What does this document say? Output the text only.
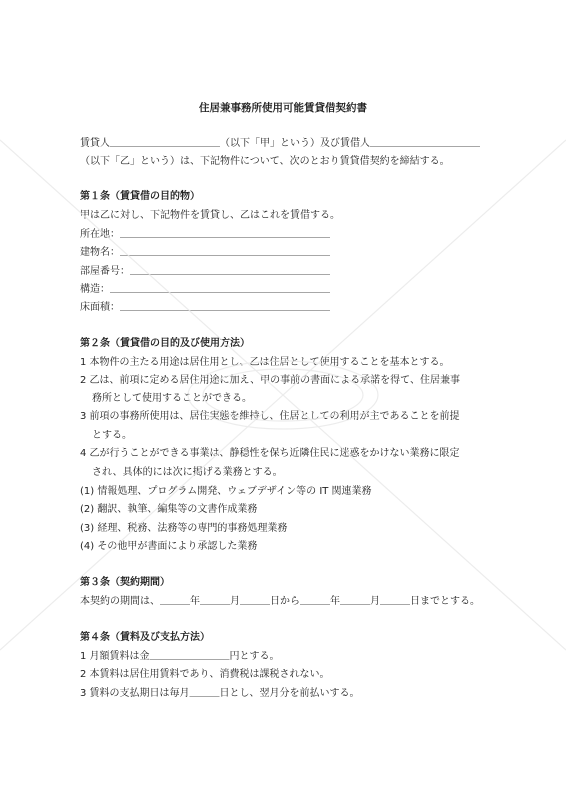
住居兼事務所使用可能賃貸借契約書
賃貸人＿＿＿＿＿＿＿＿＿＿＿（以下「甲」という）及び賃借人＿＿＿＿＿＿＿＿＿＿＿
（以下「乙」という）は、下記物件について、次のとおり賃貸借契約を締結する。
第１条（賃貸借の目的物）
甲は乙に対し、下記物件を賃貸し、乙はこれを賃借する。
所在地：＿＿＿＿＿＿＿＿＿＿＿＿＿＿＿＿＿＿＿＿＿
建物名：＿＿＿＿＿＿＿＿＿＿＿＿＿＿＿＿＿＿＿＿＿
部屋番号：＿＿＿＿＿＿＿＿＿＿＿＿＿＿＿＿＿＿＿＿
構造：＿＿＿＿＿＿＿＿＿＿＿＿＿＿＿＿＿＿＿＿＿＿
床面積：＿＿＿＿＿＿＿＿＿＿＿＿＿＿＿＿＿＿＿＿＿
第２条（賃貸借の目的及び使用方法）
1 本物件の主たる用途は居住用とし、乙は住居として使用することを基本とする。
2 乙は、前項に定める居住用途に加え、甲の事前の書面による承諾を得て、住居兼事
務所として使用することができる。
3 前項の事務所使用は、居住実態を維持し、住居としての利用が主であることを前提
とする。
4 乙が行うことができる事業は、静穏性を保ち近隣住民に迷惑をかけない業務に限定
され、具体的には次に掲げる業務とする。
(1) 情報処理、プログラム開発、ウェブデザイン等の IT 関連業務
(2) 翻訳、執筆、編集等の文書作成業務
(3) 経理、税務、法務等の専門的事務処理業務
(4) その他甲が書面により承認した業務
第３条（契約期間）
本契約の期間は、＿＿＿年＿＿＿月＿＿＿日から＿＿＿年＿＿＿月＿＿＿日までとする。
第４条（賃料及び支払方法）
1 月額賃料は金＿＿＿＿＿＿＿＿円とする。
2 本賃料は居住用賃料であり、消費税は課税されない。
3 賃料の支払期日は毎月＿＿＿日とし、翌月分を前払いする。
